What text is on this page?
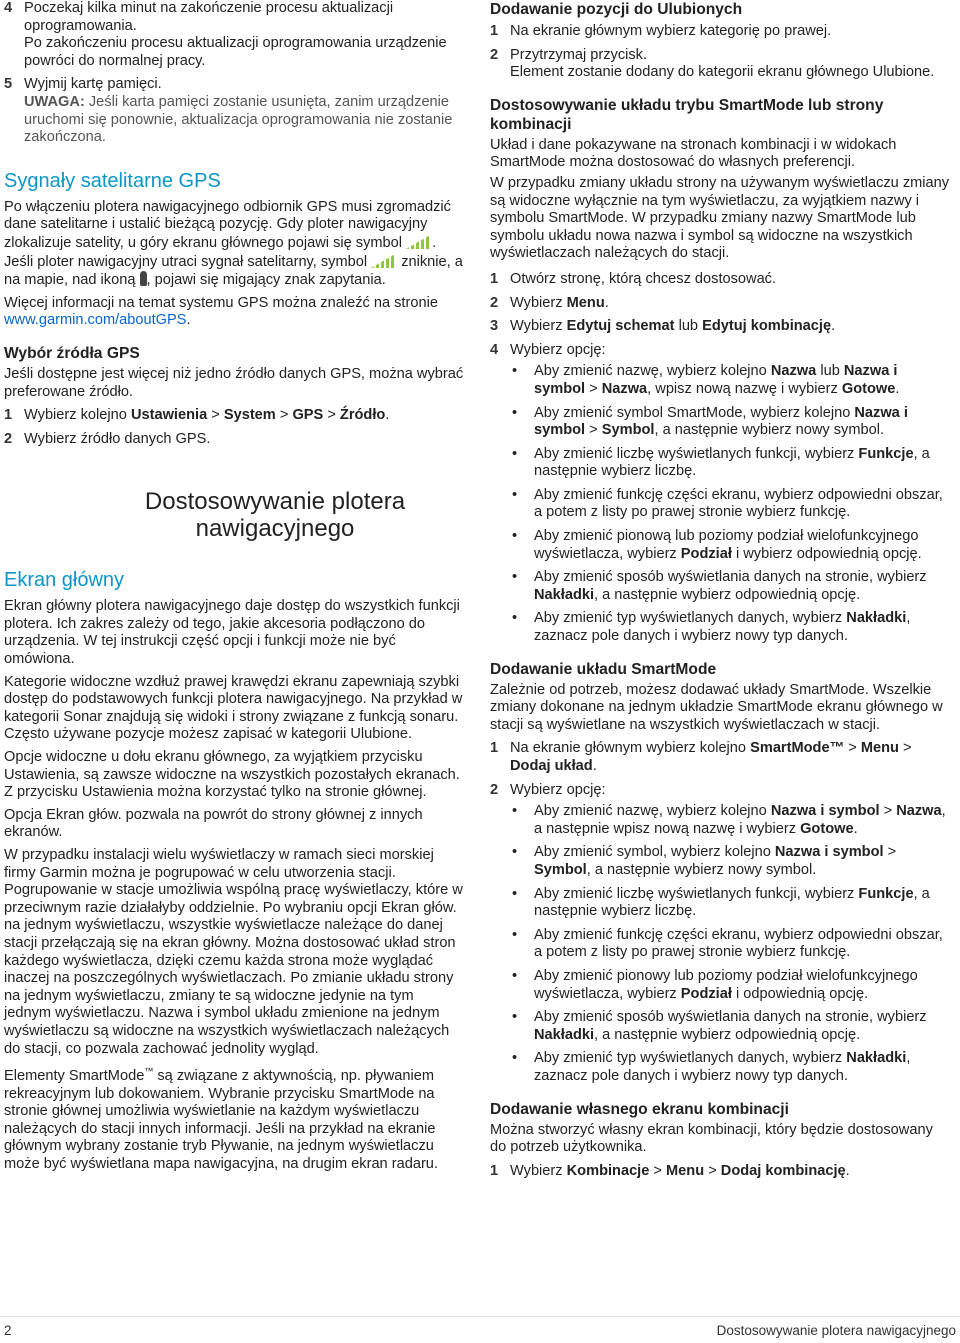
4 Poczekaj kilka minut na zakończenie procesu aktualizacji oprogramowania.

Po zakończeniu procesu aktualizacji oprogramowania urządzenie powróci do normalnej pracy.

5 Wyjmij kartę pamięci.

UWAGA: Jeśli karta pamięci zostanie usunięta, zanim urządzenie uruchomi się ponownie, aktualizacja oprogramowania nie zostanie zakończona.

Sygnały satelitarne GPS

Po włączeniu plotera nawigacyjnego odbiornik GPS musi zgromadzić dane satelitarne i ustalić bieżącą pozycję. Gdy ploter nawigacyjny zlokalizuje satelity, u góry ekranu głównego pojawi się symbol . Jeśli ploter nawigacyjny utraci sygnał satelitarny, symbol zniknie, a na mapie, nad ikoną , pojawi się migający znak zapytania.

Więcej informacji na temat systemu GPS można znaleźć na stronie www.garmin.com/aboutGPS.

Wybór źródła GPS

Jeśli dostępne jest więcej niż jedno źródło danych GPS, można wybrać preferowane źródło.

1 Wybierz kolejno Ustawienia > System > GPS > Źródło.

2 Wybierz źródło danych GPS.

Dostosowywanie plotera nawigacyjnego
Ekran główny

Ekran główny plotera nawigacyjnego daje dostęp do wszystkich funkcji plotera. Ich zakres zależy od tego, jakie akcesoria podłączono do urządzenia. W tej instrukcji część opcji i funkcji może nie być omówiona.

Kategorie widoczne wzdłuż prawej krawędzi ekranu zapewniają szybki dostęp do podstawowych funkcji plotera nawigacyjnego. Na przykład w kategorii Sonar znajdują się widoki i strony związane z funkcją sonaru. Często używane pozycje możesz zapisać w kategorii Ulubione.

Opcje widoczne u dołu ekranu głównego, za wyjątkiem przycisku Ustawienia, są zawsze widoczne na wszystkich pozostałych ekranach. Z przycisku Ustawienia można korzystać tylko na stronie głównej.

Opcja Ekran głów. pozwala na powrót do strony głównej z innych ekranów.

W przypadku instalacji wielu wyświetlaczy w ramach sieci morskiej firmy Garmin można je pogrupować w celu utworzenia stacji. Pogrupowanie w stacje umożliwia wspólną pracę wyświetlaczy, które w przeciwnym razie działałyby oddzielnie. Po wybraniu opcji Ekran głów. na jednym wyświetlaczu, wszystkie wyświetlacze należące do danej stacji przełączają się na ekran główny. Można dostosować układ stron każdego wyświetlacza, dzięki czemu każda strona może wyglądać inaczej na poszczególnych wyświetlaczach. Po zmianie układu strony na jednym wyświetlaczu, zmiany te są widoczne jedynie na tym jednym wyświetlaczu. Nazwa i symbol układu zmienione na jednym wyświetlaczu są widoczne na wszystkich wyświetlaczach należących do stacji, co pozwala zachować jednolity wygląd.

Elementy SmartMode™ są związane z aktywnością, np. pływaniem rekreacyjnym lub dokowaniem. Wybranie przycisku SmartMode na stronie głównej umożliwia wyświetlanie na każdym wyświetlaczu należących do stacji innych informacji. Jeśli na przykład na ekranie głównym wybrany zostanie tryb Pływanie, na jednym wyświetlaczu może być wyświetlana mapa nawigacyjna, na drugim ekran radaru.

Dodawanie pozycji do Ulubionych
1 Na ekranie głównym wybierz kategorię po prawej.

2 Przytrzymaj przycisk.

Element zostanie dodany do kategorii ekranu głównego Ulubione.

Dostosowywanie układu trybu SmartMode lub strony kombinacji

Układ i dane pokazywane na stronach kombinacji i w widokach SmartMode można dostosować do własnych preferencji.

W przypadku zmiany układu strony na używanym wyświetlaczu zmiany są widoczne wyłącznie na tym wyświetlaczu, za wyjątkiem nazwy i symbolu SmartMode. W przypadku zmiany nazwy SmartMode lub symbolu układu nowa nazwa i symbol są widoczne na wszystkich wyświetlaczach należących do stacji.

1 Otwórz stronę, którą chcesz dostosować.

2 Wybierz Menu.

3 Wybierz Edytuj schemat lub Edytuj kombinację.

4 Wybierz opcję:

• Aby zmienić nazwę, wybierz kolejno Nazwa lub Nazwa i symbol > Nazwa, wpisz nową nazwę i wybierz Gotowe.
• Aby zmienić symbol SmartMode, wybierz kolejno Nazwa i symbol > Symbol, a następnie wybierz nowy symbol.
• Aby zmienić liczbę wyświetlanych funkcji, wybierz Funkcje, a następnie wybierz liczbę.
• Aby zmienić funkcję części ekranu, wybierz odpowiedni obszar, a potem z listy po prawej stronie wybierz funkcję.
• Aby zmienić pionową lub poziomy podział wielofunkcyjnego wyświetlacza, wybierz Podział i wybierz odpowiednią opcję.
• Aby zmienić sposób wyświetlania danych na stronie, wybierz Nakładki, a następnie wybierz odpowiednią opcję.
• Aby zmienić typ wyświetlanych danych, wybierz Nakładki, zaznacz pole danych i wybierz nowy typ danych.
Dodawanie układu SmartMode

Zależnie od potrzeb, możesz dodawać układy SmartMode. Wszelkie zmiany dokonane na jednym układzie SmartMode ekranu głównego w stacji są wyświetlane na wszystkich wyświetlaczach w stacji.

1 Na ekranie głównym wybierz kolejno SmartMode™ > Menu > Dodaj układ.

2 Wybierz opcję:

• Aby zmienić nazwę, wybierz kolejno Nazwa i symbol > Nazwa, a następnie wpisz nową nazwę i wybierz Gotowe.
• Aby zmienić symbol, wybierz kolejno Nazwa i symbol > Symbol, a następnie wybierz nowy symbol.
• Aby zmienić liczbę wyświetlanych funkcji, wybierz Funkcje, a następnie wybierz liczbę.
• Aby zmienić funkcję części ekranu, wybierz odpowiedni obszar, a potem z listy po prawej stronie wybierz funkcję.
• Aby zmienić pionowy lub poziomy podział wielofunkcyjnego wyświetlacza, wybierz Podział i odpowiednią opcję.
• Aby zmienić sposób wyświetlania danych na stronie, wybierz Nakładki, a następnie wybierz odpowiednią opcję.
• Aby zmienić typ wyświetlanych danych, wybierz Nakładki, zaznacz pole danych i wybierz nowy typ danych.
Dodawanie własnego ekranu kombinacji

Można stworzyć własny ekran kombinacji, który będzie dostosowany do potrzeb użytkownika.

1 Wybierz Kombinacje > Menu > Dodaj kombinację.

2	Dostosowywanie plotera nawigacyjnego
